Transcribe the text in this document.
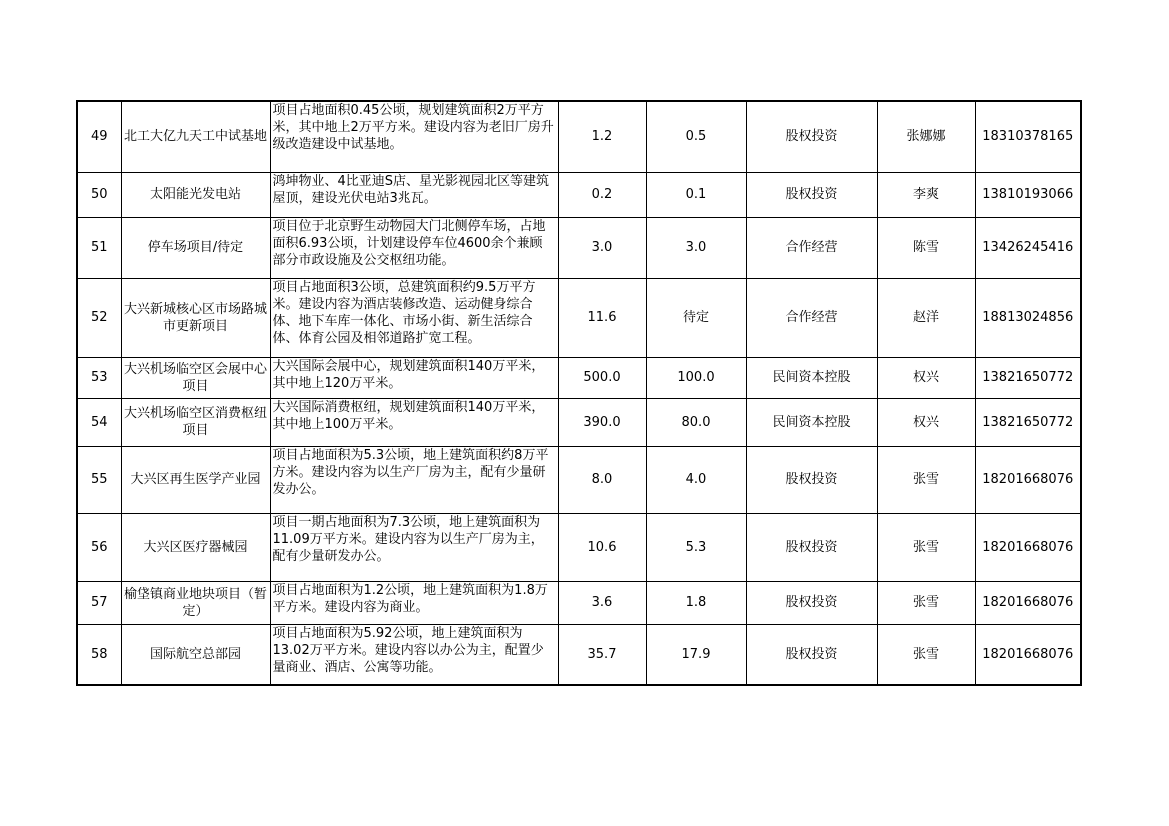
49	北工大亿九天工中试基地	项目占地面积0.45公顷，规划建筑面积2万平方米，其中地上2万平方米。建设内容为老旧厂房升级改造建设中试基地。	1.2	0.5	股权投资	张娜娜	18310378165
50	太阳能光发电站	鸿坤物业、4比亚迪S店、星光影视园北区等建筑屋顶，建设光伏电站3兆瓦。	0.2	0.1	股权投资	李爽	13810193066
51	停车场项目/待定	项目位于北京野生动物园大门北侧停车场，占地面积6.93公顷，计划建设停车位4600余个兼顾部分市政设施及公交枢纽功能。	3.0	3.0	合作经营	陈雪	13426245416
52	大兴新城核心区市场路城市更新项目	项目占地面积3公顷，总建筑面积约9.5万平方米。建设内容为酒店装修改造、运动健身综合体、地下车库一体化、市场小街、新生活综合体、体育公园及相邻道路扩宽工程。	11.6	待定	合作经营	赵洋	18813024856
53	大兴机场临空区会展中心项目	大兴国际会展中心，规划建筑面积140万平米，其中地上120万平米。	500.0	100.0	民间资本控股	权兴	13821650772
54	大兴机场临空区消费枢纽项目	大兴国际消费枢纽，规划建筑面积140万平米，其中地上100万平米。	390.0	80.0	民间资本控股	权兴	13821650772
55	大兴区再生医学产业园	项目占地面积为5.3公顷，地上建筑面积约8万平方米。建设内容为以生产厂房为主，配有少量研发办公。	8.0	4.0	股权投资	张雪	18201668076
56	大兴区医疗器械园	项目一期占地面积为7.3公顷，地上建筑面积为11.09万平方米。建设内容为以生产厂房为主，配有少量研发办公。	10.6	5.3	股权投资	张雪	18201668076
57	榆垡镇商业地块项目（暂定）	项目占地面积为1.2公顷，地上建筑面积为1.8万平方米。建设内容为商业。	3.6	1.8	股权投资	张雪	18201668076
58	国际航空总部园	项目占地面积为5.92公顷，地上建筑面积为13.02万平方米。建设内容以办公为主，配置少量商业、酒店、公寓等功能。	35.7	17.9	股权投资	张雪	18201668076
